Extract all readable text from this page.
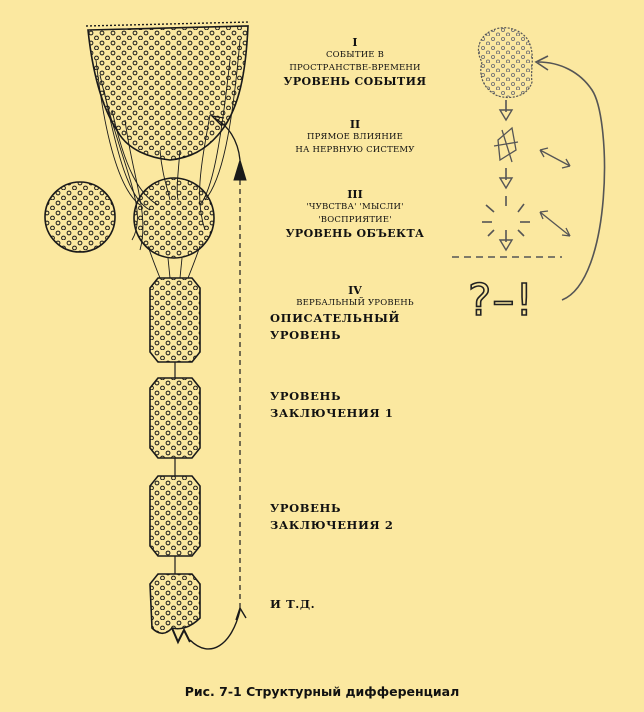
I
СОБЫТИЕ В
ПРОСТРАНСТВЕ-ВРЕМЕНИ
УРОВЕНЬ СОБЫТИЯ
II
ПРЯМОЕ ВЛИЯНИЕ
НА НЕРВНУЮ СИСТЕМУ
III
'ЧУВСТВА' 'МЫСЛИ'
'ВОСПРИЯТИЕ'
УРОВЕНЬ ОБЪЕКТА
IV
ВЕРБАЛЬНЫЙ УРОВЕНЬ
ОПИСАТЕЛЬНЫЙ
УРОВЕНЬ
УРОВЕНЬ
ЗАКЛЮЧЕНИЯ 1
УРОВЕНЬ
ЗАКЛЮЧЕНИЯ 2
И Т.Д.
?–!
Рис. 7-1 Структурный дифференциал
